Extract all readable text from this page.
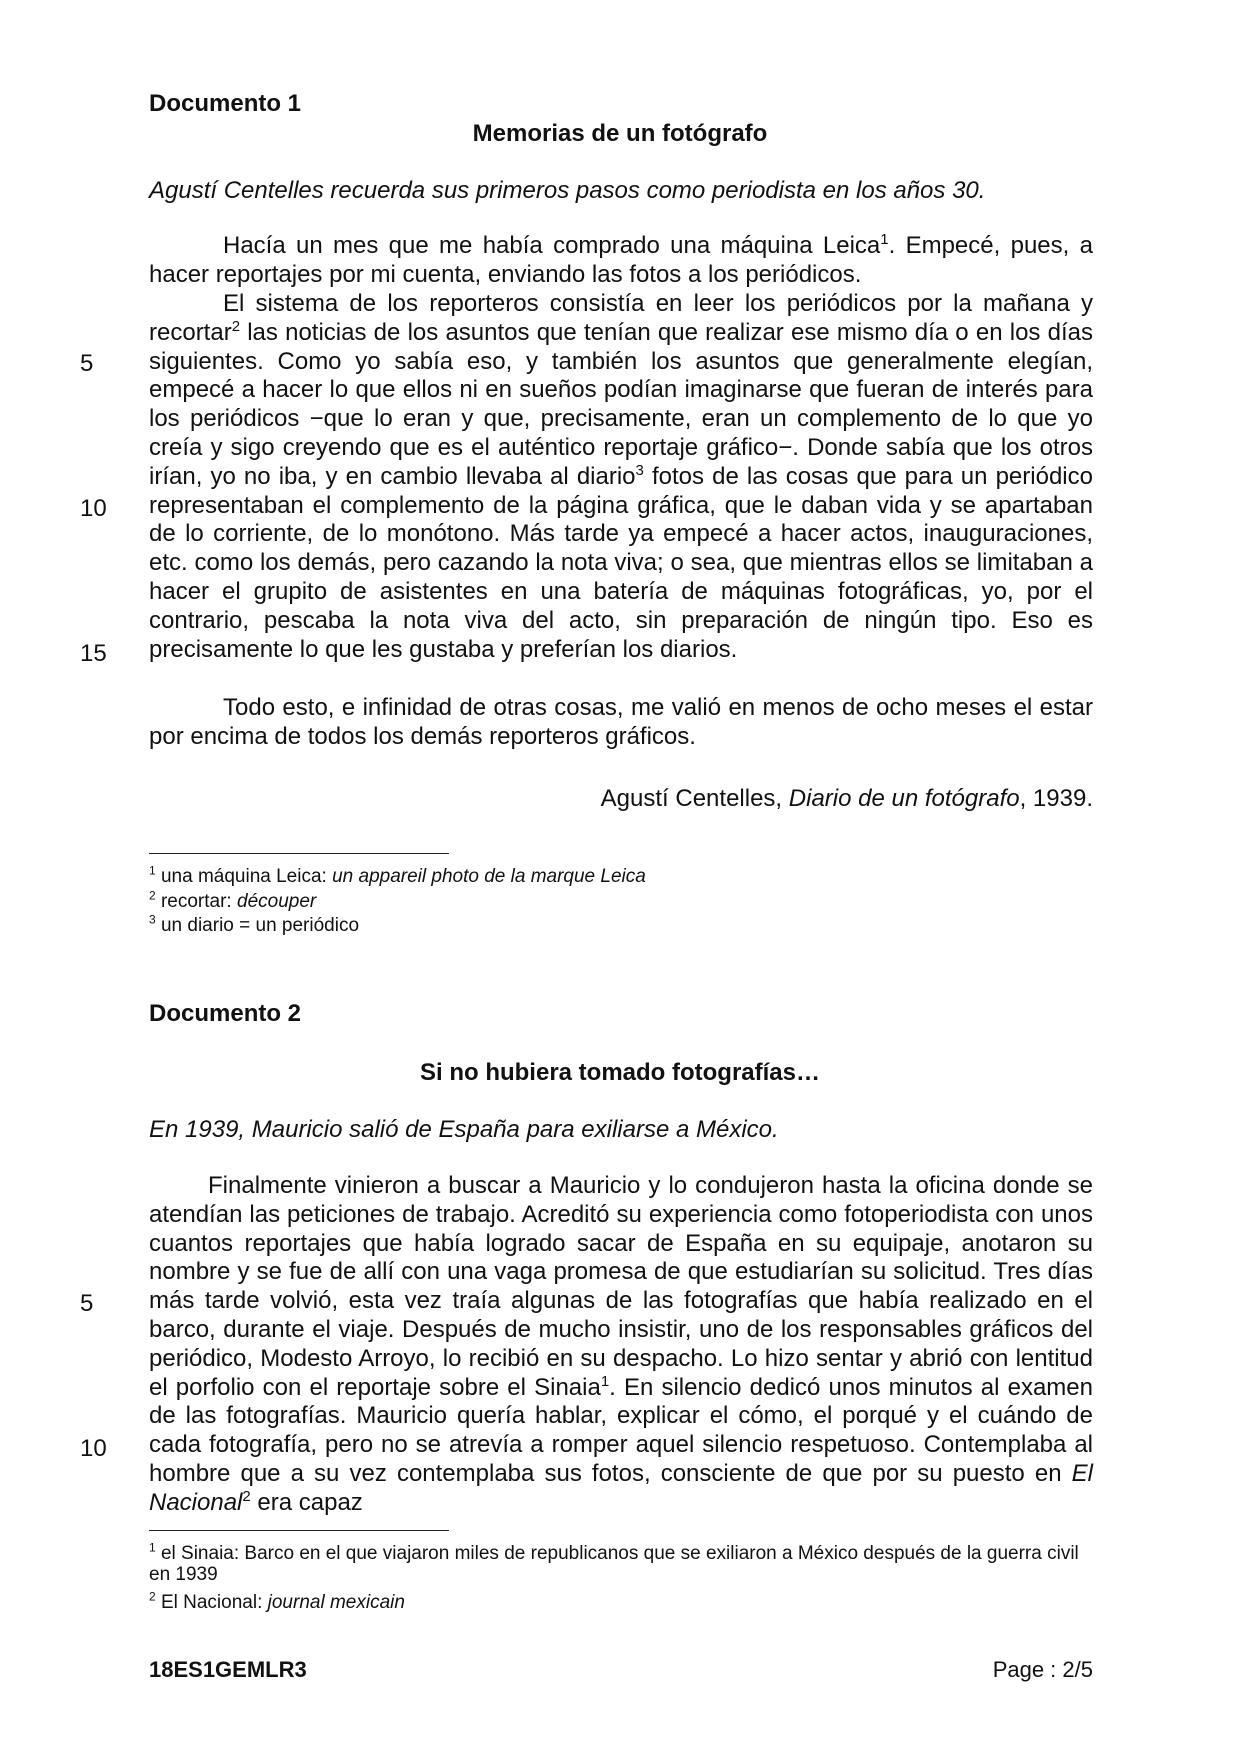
Documento 1
Memorias de un fotógrafo
Agustí Centelles recuerda sus primeros pasos como periodista en los años 30.

Hacía un mes que me había comprado una máquina Leica$^1$. Empecé, pues, a hacer reportajes por mi cuenta, enviando las fotos a los periódicos.

El sistema de los reporteros consistía en leer los periódicos por la mañana y recortar$^2$ las noticias de los asuntos que tenían que realizar ese mismo día o en los días siguientes. Como yo sabía eso, y también los asuntos que generalmente elegían, empecé a hacer lo que ellos ni en sueños podían imaginarse que fueran de interés para los periódicos −que lo eran y que, precisamente, eran un complemento de lo que yo creía y sigo creyendo que es el auténtico reportaje gráfico−. Donde sabía que los otros irían, yo no iba, y en cambio llevaba al diario$^3$ fotos de las cosas que para un periódico representaban el complemento de la página gráfica, que le daban vida y se apartaban de lo corriente, de lo monótono. Más tarde ya empecé a hacer actos, inauguraciones, etc. como los demás, pero cazando la nota viva; o sea, que mientras ellos se limitaban a hacer el grupito de asistentes en una batería de máquinas fotográficas, yo, por el contrario, pescaba la nota viva del acto, sin preparación de ningún tipo. Eso es precisamente lo que les gustaba y preferían los diarios.

Todo esto, e infinidad de otras cosas, me valió en menos de ocho meses el estar por encima de todos los demás reporteros gráficos.

5
10
15
Agustí Centelles, Diario de un fotógrafo, 1939.
$^1$ una máquina Leica: un appareil photo de la marque Leica
$^2$ recortar: découper
$^3$ un diario = un periódico
Documento 2
Si no hubiera tomado fotografías…
En 1939, Mauricio salió de España para exiliarse a México.

Finalmente vinieron a buscar a Mauricio y lo condujeron hasta la oficina donde se atendían las peticiones de trabajo. Acreditó su experiencia como fotoperiodista con unos cuantos reportajes que había logrado sacar de España en su equipaje, anotaron su nombre y se fue de allí con una vaga promesa de que estudiarían su solicitud. Tres días más tarde volvió, esta vez traía algunas de las fotografías que había realizado en el barco, durante el viaje. Después de mucho insistir, uno de los responsables gráficos del periódico, Modesto Arroyo, lo recibió en su despacho. Lo hizo sentar y abrió con lentitud el porfolio con el reportaje sobre el Sinaia$^1$. En silencio dedicó unos minutos al examen de las fotografías. Mauricio quería hablar, explicar el cómo, el porqué y el cuándo de cada fotografía, pero no se atrevía a romper aquel silencio respetuoso. Contemplaba al hombre que a su vez contemplaba sus fotos, consciente de que por su puesto en El Nacional$^2$ era capaz

5
10
$^1$ el Sinaia: Barco en el que viajaron miles de republicanos que se exiliaron a México después de la guerra civil en 1939
$^2$ El Nacional: journal mexicain
18ES1GEMLR3	Page : 2/5
